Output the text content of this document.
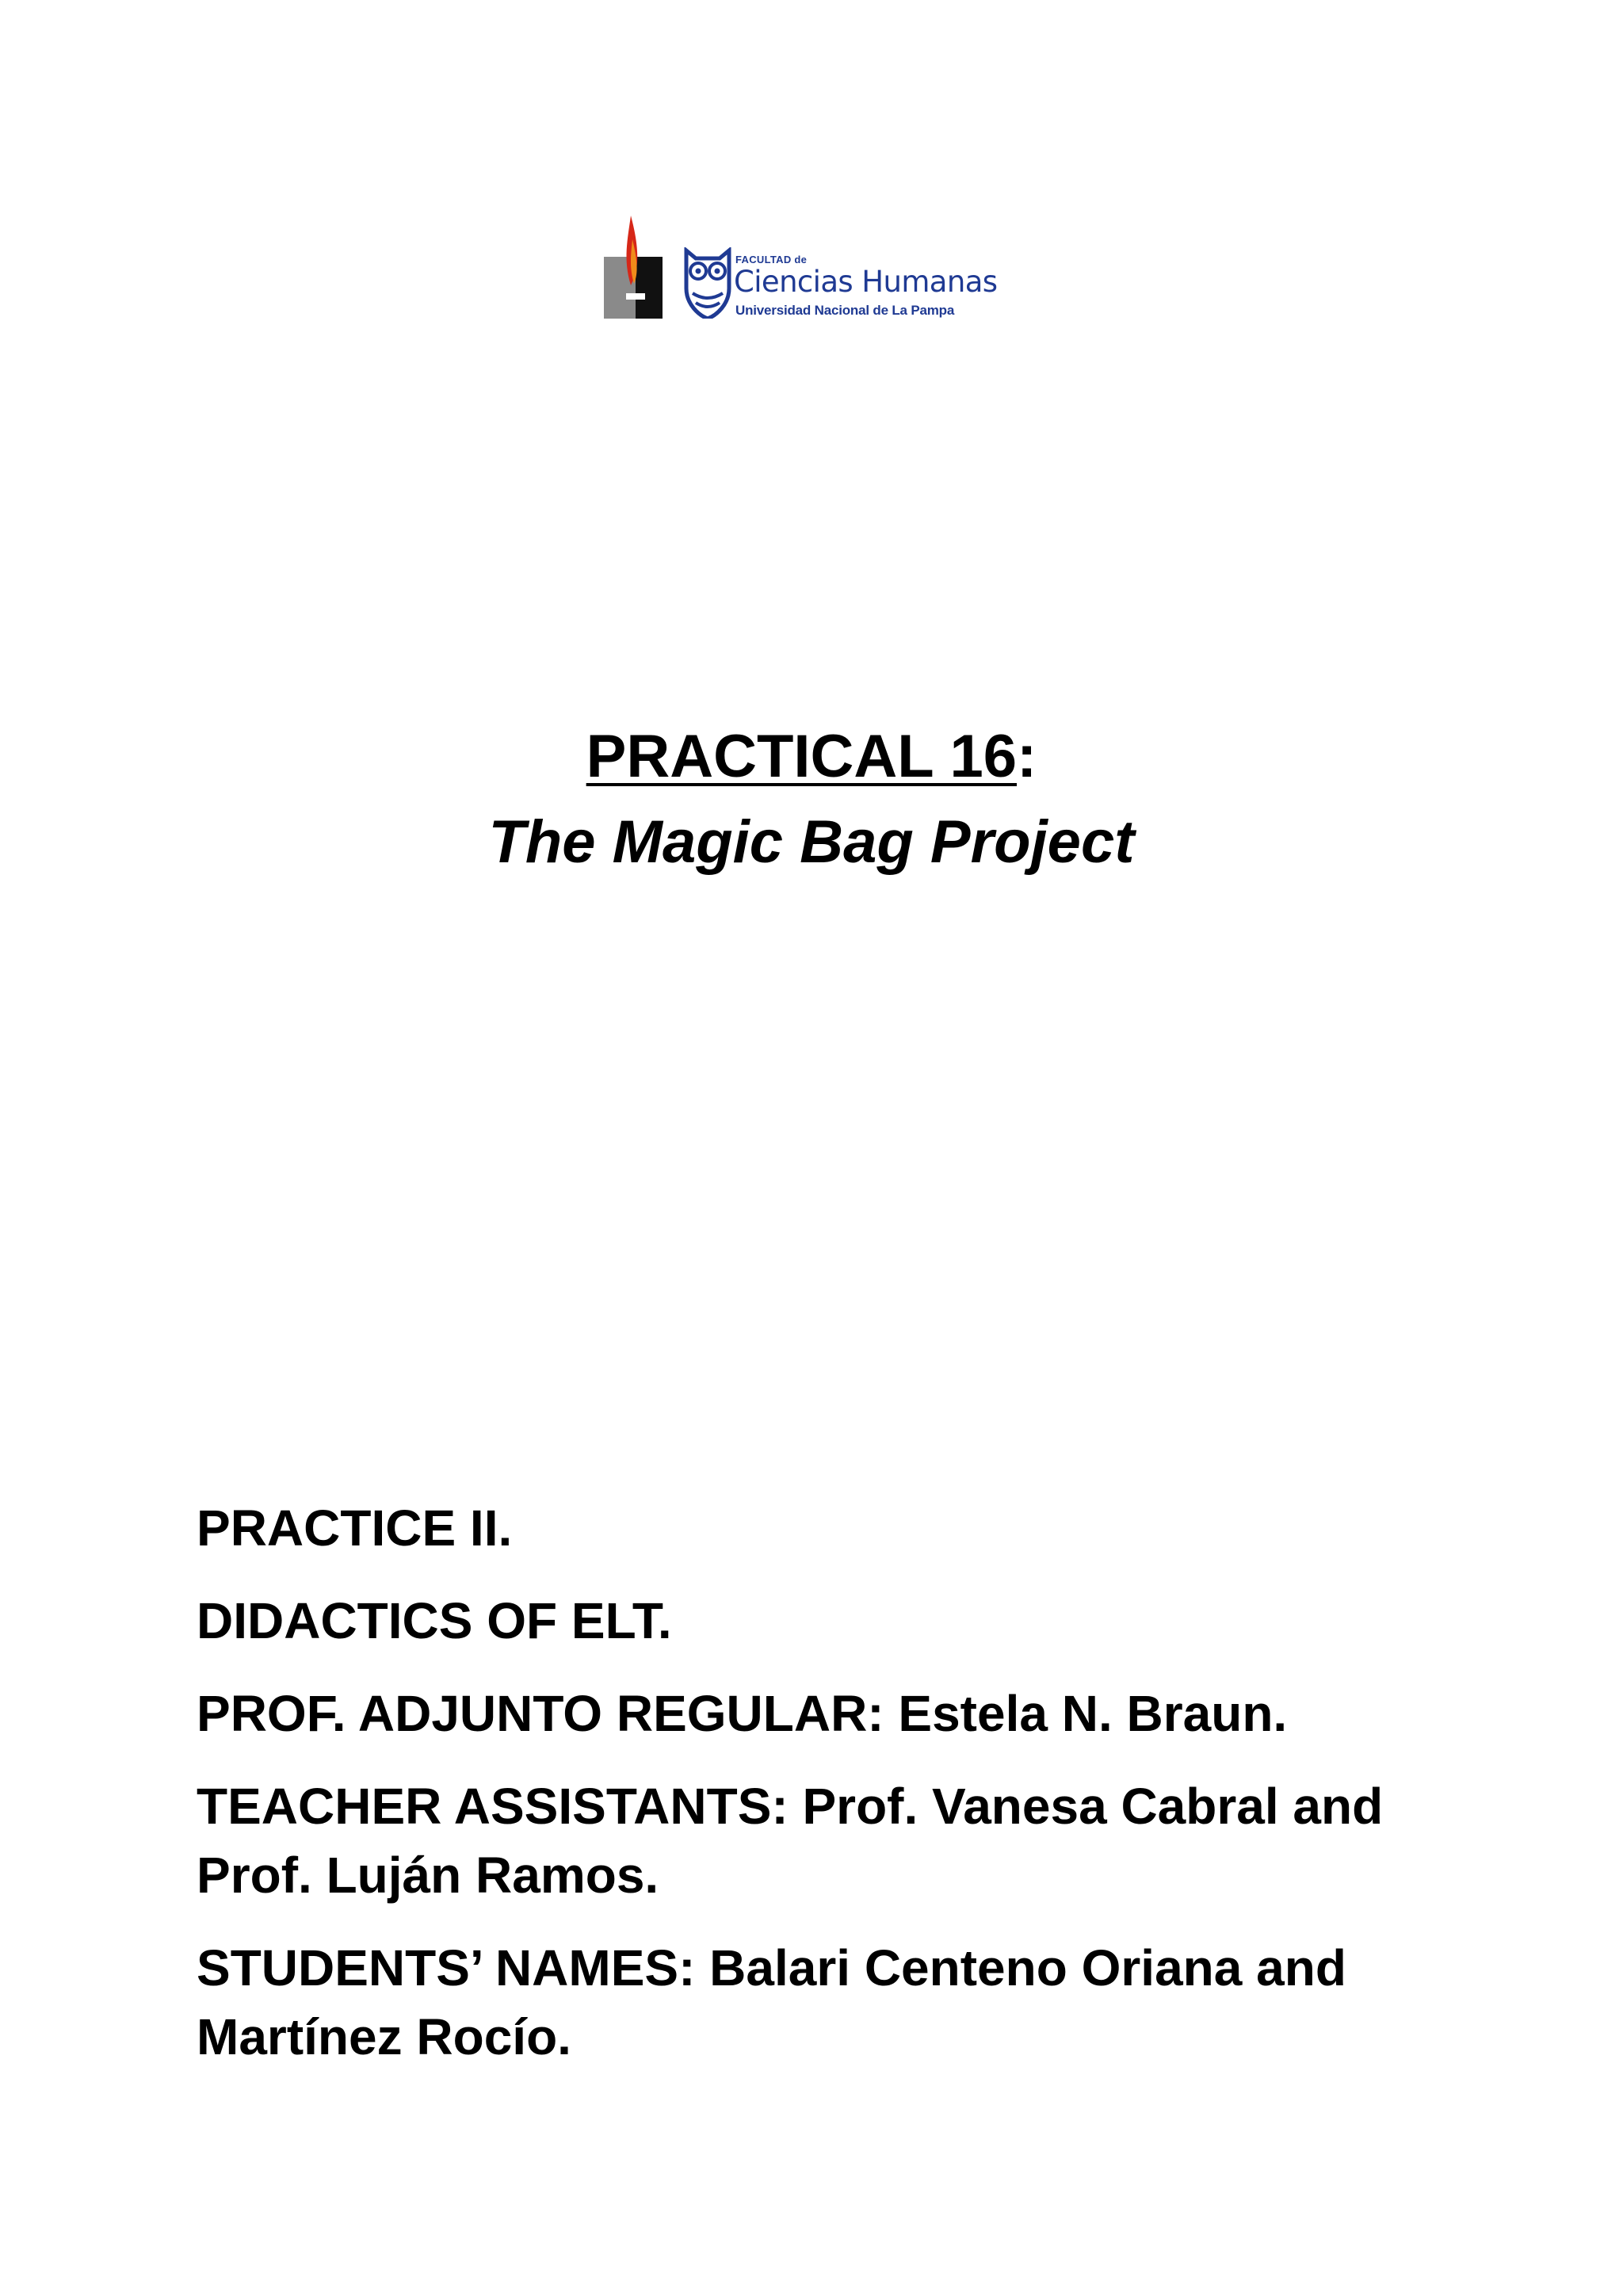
FACULTAD de
Ciencias Humanas
Universidad Nacional de La Pampa
PRACTICAL 16:
The Magic Bag Project
PRACTICE II.
DIDACTICS OF ELT.
PROF. ADJUNTO REGULAR: Estela N. Braun.
TEACHER ASSISTANTS: Prof. Vanesa Cabral and Prof. Luján Ramos.
STUDENTS’ NAMES: Balari Centeno Oriana and Martínez Rocío.
